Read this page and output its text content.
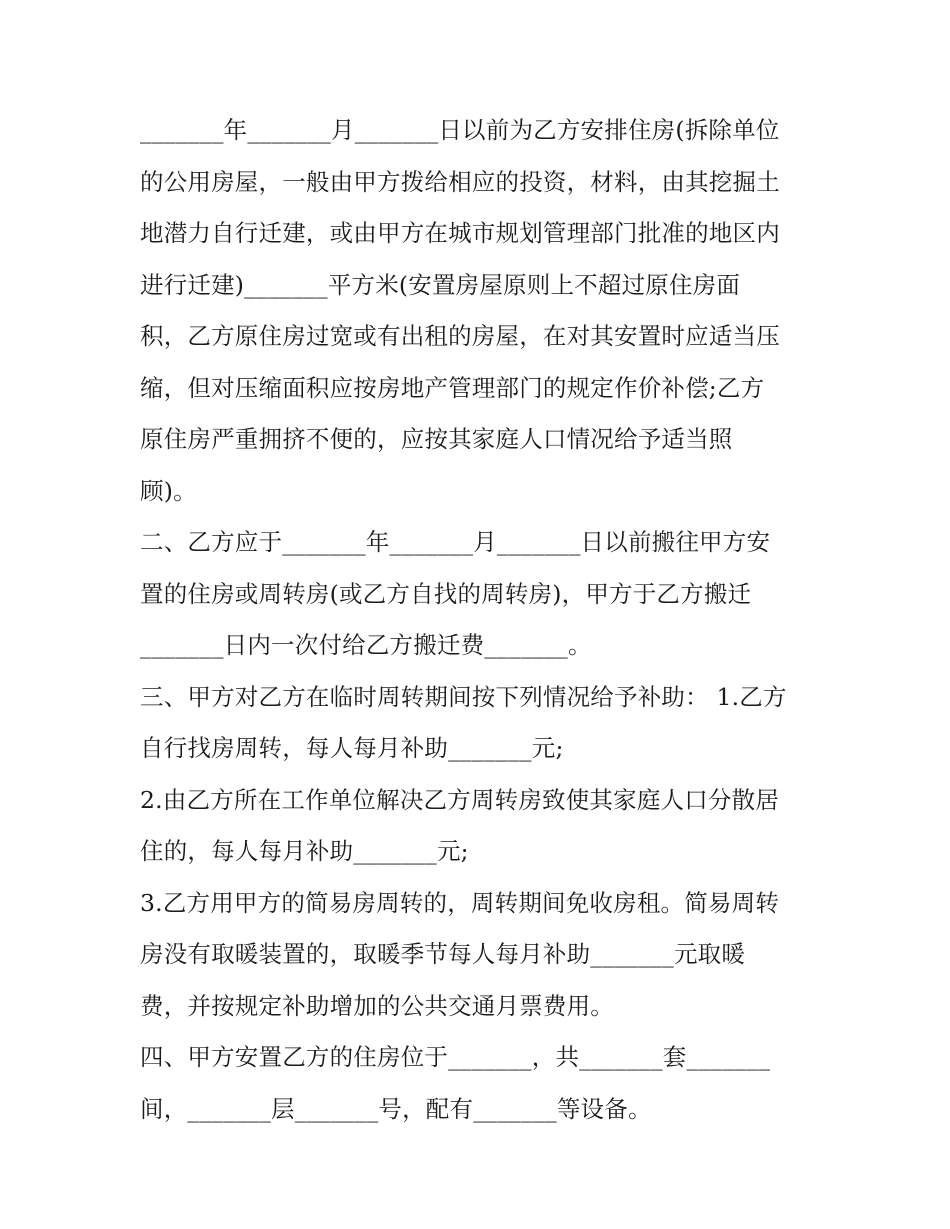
_______年_______月_______日以前为乙方安排住房(拆除单位
的公用房屋，一般由甲方拨给相应的投资，材料，由其挖掘土
地潜力自行迁建，或由甲方在城市规划管理部门批准的地区内
进行迁建)_______平方米(安置房屋原则上不超过原住房面
积，乙方原住房过宽或有出租的房屋，在对其安置时应适当压
缩，但对压缩面积应按房地产管理部门的规定作价补偿;乙方
原住房严重拥挤不便的，应按其家庭人口情况给予适当照
顾)。
二、乙方应于_______年_______月_______日以前搬往甲方安
置的住房或周转房(或乙方自找的周转房)，甲方于乙方搬迁
_______日内一次付给乙方搬迁费_______。
三、甲方对乙方在临时周转期间按下列情况给予补助： 1.乙方
自行找房周转，每人每月补助_______元;
2.由乙方所在工作单位解决乙方周转房致使其家庭人口分散居
住的，每人每月补助_______元;
3.乙方用甲方的简易房周转的，周转期间免收房租。简易周转
房没有取暖装置的，取暖季节每人每月补助_______元取暖
费，并按规定补助增加的公共交通月票费用。
四、甲方安置乙方的住房位于_______，共_______套_______
间，_______层_______号，配有_______等设备。
